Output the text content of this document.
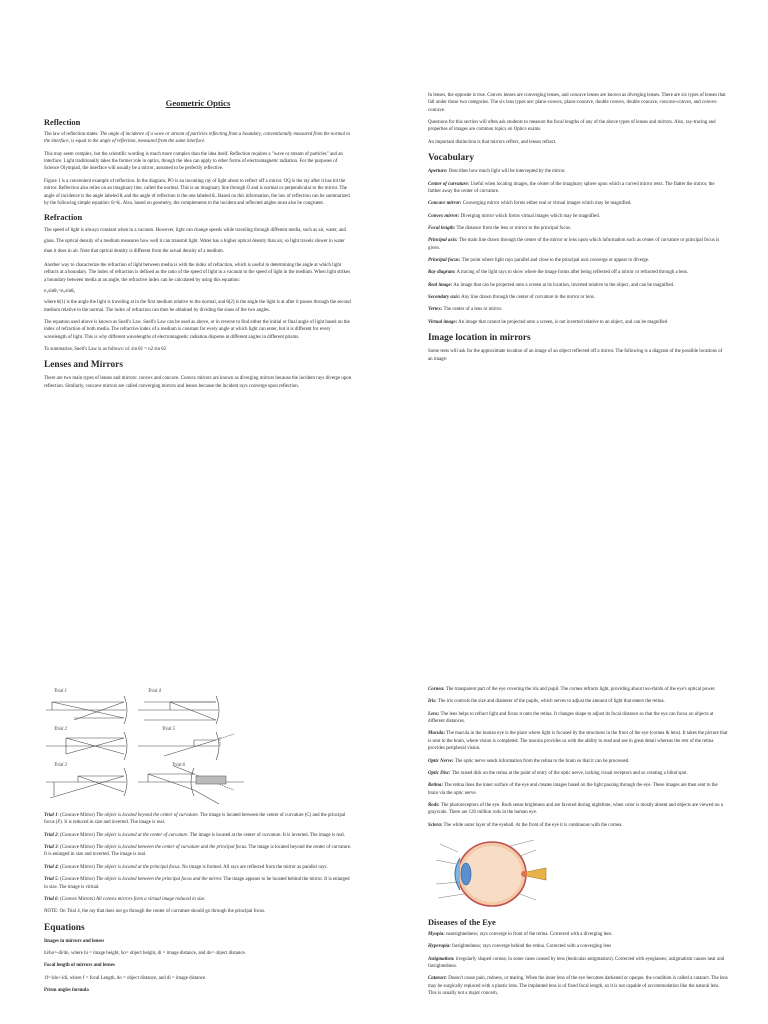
Geometric Optics
Reflection

The law of reflection states: The angle of incidence of a wave or stream of particles reflecting from a boundary, conventionally measured from the normal to the interface, is equal to the angle of reflection, measured from the same interface.

This may seem complex, but the scientific wording is much more complex than the idea itself. Reflection requires a "wave or stream of particles" and an interface. Light traditionally takes the former role in optics, though the idea can apply to other forms of electromagnetic radiation. For the purposes of Science Olympiad, the interface will usually be a mirror, assumed to be perfectly reflective.

Figure 1 is a convenient example of reflection. In the diagram, PO is an incoming ray of light about to reflect off a mirror. OQ is the ray after it has hit the mirror. Reflection also relies on an imaginary line, called the normal. This is an imaginary line through O and is normal or perpendicular to the mirror. The angle of incidence is the angle labeled θᵢ and the angle of reflection is the one labeled θᵣ. Based on this information, the law of reflection can be summarized by the following simple equation: θᵢ=θᵣ. Also, based on geometry, the complements to the incident and reflected angles must also be congruent.

Refraction

The speed of light is always constant when in a vacuum. However, light can change speeds while traveling through different media, such as air, water, and glass. The optical density of a medium measures how well it can transmit light. Water has a higher optical density than air, so light travels slower in water than it does in air. Note that optical density is different from the actual density of a medium.

Another way to characterize the refraction of light between media is with the index of refraction, which is useful in determining the angle at which light refracts at a boundary. The index of refraction is defined as the ratio of the speed of light in a vacuum to the speed of light in the medium. When light strikes a boundary between media at an angle, the refractive index can be calculated by using this equation:

n₁sinθ₁=n₂sinθ₂

where θ(1) is the angle the light is traveling at in the first medium relative to the normal, and θ(2) is the angle the light is at after it passes through the second medium relative to the normal. The index of refraction can then be obtained by dividing the sines of the two angles.

The equation used above is known as Snell's Law. Snell's Law can be used as above, or in reverse to find either the initial or final angle of light based on the index of refraction of both media. The refractive index of a medium is constant for every angle at which light can enter, but it is different for every wavelength of light. This is why different wavelengths of electromagnetic radiation disperse at different angles in different prisms.

To summarize, Snell's Law is as follows: n1 sin θ1 = n2 sin θ2

Lenses and Mirrors

There are two main types of lenses and mirrors: convex and concave. Convex mirrors are known as diverging mirrors because the incident rays diverge upon reflection. Similarly, concave mirrors are called converging mirrors and lenses because the incident rays converge upon reflection.

In lenses, the opposite is true. Convex lenses are converging lenses, and concave lenses are known as diverging lenses. There are six types of lenses that fall under those two categories. The six lens types are: plano-convex, plano-concave, double convex, double concave, concave-convex, and convex-concave.

Questions for this section will often ask students to measure the focal lengths of any of the above types of lenses and mirrors. Also, ray-tracing and properties of images are common topics on Optics exams.

An important distinction is that mirrors reflect, and lenses refract.

Vocabulary

Aperture: Describes how much light will be intercepted by the mirror.

Center of curvature: Useful when locating images, the center of the imaginary sphere upon which a curved mirror rests. The flatter the mirror, the farther away the center of curvature.

Concave mirror: Converging mirror which forms either real or virtual images which may be magnified.

Convex mirror: Diverging mirror which forms virtual images which may be magnified.

Focal length: The distance from the lens or mirror to the principal focus.

Principal axis: The main line drawn through the center of the mirror or lens upon which information such as center of curvature or principal focus is given.

Principal focus: The point where light rays parallel and close to the principal axis converge or appear to diverge.

Ray diagram: A tracing of the light rays to show where the image forms after being reflected off a mirror or refracted through a lens.

Real image: An image that can be projected onto a screen at its location, inverted relative to the object, and can be magnified.

Secondary axis: Any line drawn through the center of curvature to the mirror or lens.

Vertex: The center of a lens or mirror.

Virtual image: An image that cannot be projected onto a screen, is not inverted relative to an object, and can be magnified

Image location in mirrors

Some tests will ask for the approximate location of an image of an object reflected off a mirror. The following is a diagram of the possible locations of an image:

Trial 1	Trial 4
Trial 2	Trial 5
Trial 3	Trial 6

Trial 1: (Concave Mirror) The object is located beyond the center of curvature. The image is located between the center of curvature (C) and the principal focus (F). It is reduced in size and inverted. The image is real.

Trial 2: (Concave Mirror) The object is located at the center of curvature. The image is located at the center of curvature. It is inverted. The image is real.

Trial 3: (Concave Mirror) The object is located between the center of curvature and the principal focus. The image is located beyond the center of curvature. It is enlarged in size and inverted. The image is real.

Trial 4: (Concave Mirror) The object is located at the principal focus. No image is formed. All rays are reflected from the mirror as parallel rays.

Trial 5: (Concave Mirror) The object is located between the principal focus and the mirror. The image appears to be located behind the mirror. It is enlarged in size. The image is virtual.

Trial 6: (Convex Mirrors) All convex mirrors form a virtual image reduced in size.

NOTE: On Trial 4, the ray that does not go through the center of curvature should go through the principal focus.

Equations

Images in mirrors and lenses

hi/ho=-di/do, where hi = image height, ho= object height, di = image distance, and do= object distance.

Focal length of mirrors and lenses

1f=1do+1di, where f = focal Length, do = object distance, and di = image distance.

Prism angles formula

Cornea: The transparent part of the eye covering the iris and pupil. The cornea refracts light, providing about two-thirds of the eye's optical power.

Iris: The iris controls the size and diameter of the pupils, which serves to adjust the amount of light that enters the retina.

Lens: The lens helps to refract light and focus it onto the retina. It changes shape to adjust its focal distance so that the eye can focus on objects at different distances.

Macula: The macula in the human eye is the place where light is focused by the structures in the front of the eye (cornea & lens). It takes the picture that is sent to the brain, where vision is completed. The macula provides us with the ability to read and see in great detail whereas the rest of the retina provides peripheral vision.

Optic Nerve: The optic nerve sends information from the retina to the brain so that it can be processed.

Optic Disc: The raised disk on the retina at the point of entry of the optic nerve, lacking visual receptors and so creating a blind spot.

Retina: The retina lines the inner surface of the eye and creates images based on the light passing through the eye. These images are then sent to the brain via the optic nerve.

Rods: The photoreceptors of the eye. Rods sense brightness and are favored during nighttime, when color is mostly absent and objects are viewed on a grayscale. There are 120 million rods in the human eye.

Sclera: The white outer layer of the eyeball. At the front of the eye it is continuous with the cornea.

Diseases of the Eye

Myopia: nearsightedness; rays converge in front of the retina. Corrected with a diverging lens.

Hyperopia: farsightedness; rays converge behind the retina. Corrected with a converging lens

Astigmatism: irregularly shaped cornea; in some cases caused by lens (lenticular astigmatism). Corrected with eyeglasses; astigmatism causes near and farsightedness.

Cataract: Doesn't cause pain, redness, or tearing. When the inner lens of the eye becomes darkened or opaque, the condition is called a cataract. The lens may be surgically replaced with a plastic lens. The implanted lens is of fixed focal length, so it is not capable of accommodation like the natural lens. This is usually not a major concern,
